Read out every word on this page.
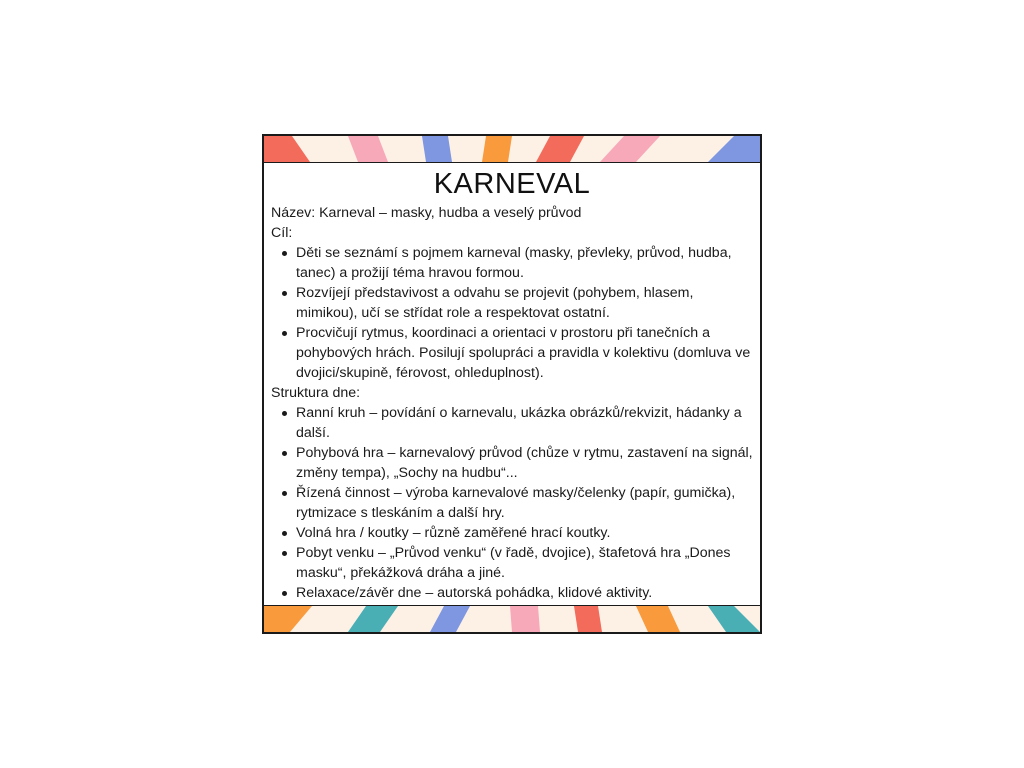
KARNEVAL

Název: Karneval – masky, hudba a veselý průvod

Cíl:

Děti se seznámí s pojmem karneval (masky, převleky, průvod, hudba, tanec) a prožijí téma hravou formou.
Rozvíjejí představivost a odvahu se projevit (pohybem, hlasem, mimikou), učí se střídat role a respektovat ostatní.
Procvičují rytmus, koordinaci a orientaci v prostoru při tanečních a pohybových hrách. Posilují spolupráci a pravidla v kolektivu (domluva ve dvojici/skupině, férovost, ohleduplnost).

Struktura dne:

Ranní kruh – povídání o karnevalu, ukázka obrázků/rekvizit, hádanky a další.
Pohybová hra – karnevalový průvod (chůze v rytmu, zastavení na signál, změny tempa), „Sochy na hudbu“...
Řízená činnost – výroba karnevalové masky/čelenky (papír, gumička), rytmizace s tleskáním a další hry.
Volná hra / koutky – různě zaměřené hrací koutky.
Pobyt venku – „Průvod venku“ (v řadě, dvojice), štafetová hra „Dones masku“, překážková dráha a jiné.
Relaxace/závěr dne – autorská pohádka, klidové aktivity.
